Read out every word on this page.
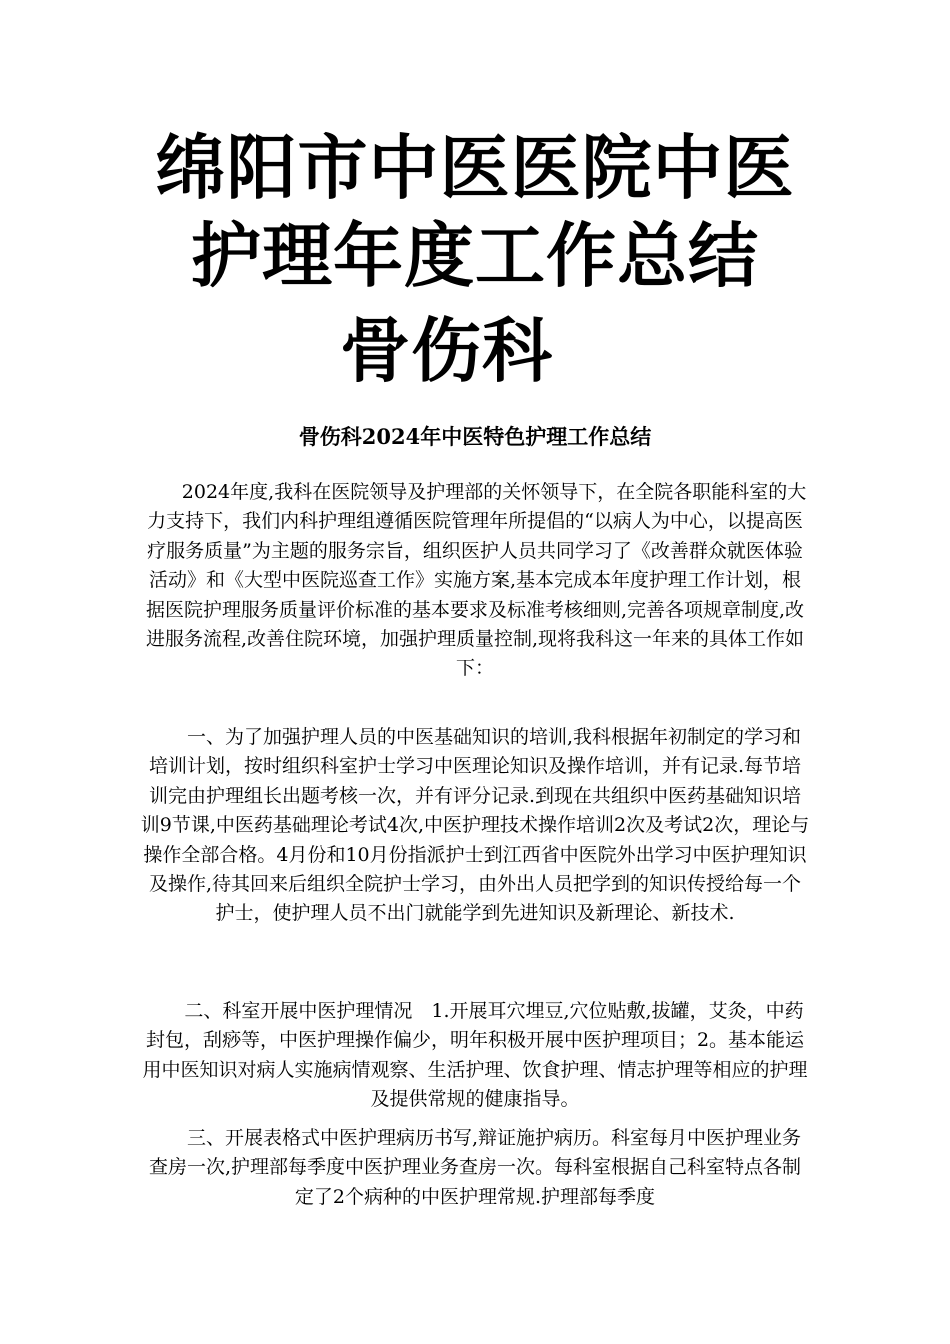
绵阳市中医医院中医
护理年度工作总结
骨伤科
骨伤科2024年中医特色护理工作总结
　　2024年度,我科在医院领导及护理部的关怀领导下，在全院各职能科室的大力支持下，我们内科护理组遵循医院管理年所提倡的“以病人为中心，以提高医疗服务质量”为主题的服务宗旨，组织医护人员共同学习了《改善群众就医体验活动》和《大型中医院巡查工作》实施方案,基本完成本年度护理工作计划，根据医院护理服务质量评价标准的基本要求及标准考核细则,完善各项规章制度,改进服务流程,改善住院环境，加强护理质量控制,现将我科这一年来的具体工作如下：
　　一、为了加强护理人员的中医基础知识的培训,我科根据年初制定的学习和培训计划，按时组织科室护士学习中医理论知识及操作培训，并有记录.每节培训完由护理组长出题考核一次，并有评分记录.到现在共组织中医药基础知识培训9节课,中医药基础理论考试4次,中医护理技术操作培训2次及考试2次，理论与操作全部合格。4月份和10月份指派护士到江西省中医院外出学习中医护理知识及操作,待其回来后组织全院护士学习，由外出人员把学到的知识传授给每一个护士，使护理人员不出门就能学到先进知识及新理论、新技术.
　　二、科室开展中医护理情况　1.开展耳穴埋豆,穴位贴敷,拔罐，艾灸，中药封包，刮痧等，中医护理操作偏少，明年积极开展中医护理项目；2。基本能运用中医知识对病人实施病情观察、生活护理、饮食护理、情志护理等相应的护理及提供常规的健康指导。
　　三、开展表格式中医护理病历书写,辩证施护病历。科室每月中医护理业务查房一次,护理部每季度中医护理业务查房一次。每科室根据自己科室特点各制定了2个病种的中医护理常规.护理部每季度
